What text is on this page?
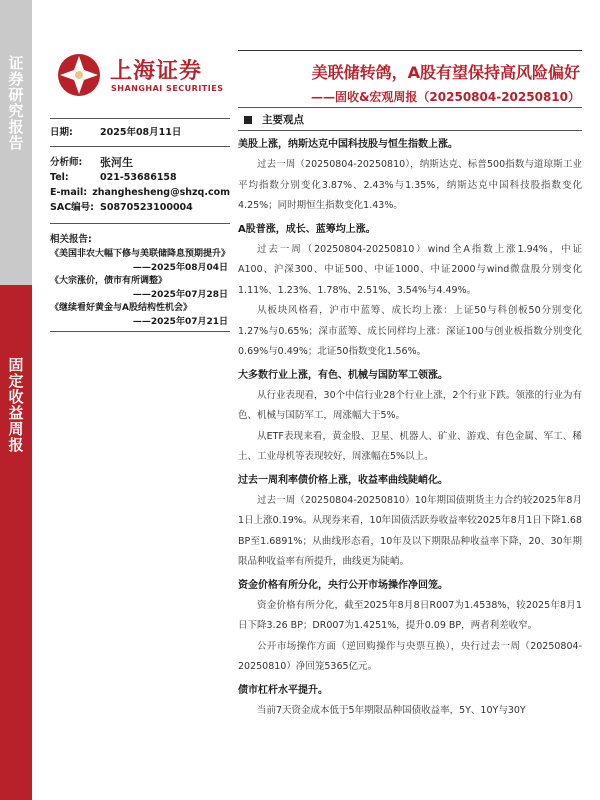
证券研究报告
固定收益周报
上海证券
SHANGHAI SECURITIES
美联储转鸽，A股有望保持高风险偏好
——固收&宏观周报（20250804-20250810）
日期:	2025年08月11日
分析师:	张河生
Tel:	021-53686158
E-mail: zhanghesheng@shzq.com
SAC编号: S0870523100004
相关报告:
《美国非农大幅下修与美联储降息预期提升》
——2025年08月04日
《大宗涨价，债市有所调整》
——2025年07月28日
《继续看好黄金与A股结构性机会》
——2025年07月21日
主要观点
美股上涨，纳斯达克中国科技股与恒生指数上涨。
过去一周（20250804-20250810），纳斯达克、标普500指数与道琼斯工业平均指数分别变化3.87%、2.43%与1.35%，纳斯达克中国科技股指数变化4.25%；同时期恒生指数变化1.43%。
A股普涨，成长、蓝筹均上涨。
过去一周（20250804-20250810）wind全A指数上涨1.94%，中证A100、沪深300、中证500、中证1000、中证2000与wind微盘股分别变化1.11%、1.23%、1.78%、2.51%、3.54%与4.49%。
从板块风格看，沪市中蓝筹、成长均上涨：上证50与科创板50分别变化1.27%与0.65%；深市蓝筹、成长同样均上涨：深证100与创业板指数分别变化0.69%与0.49%；北证50指数变化1.56%。
大多数行业上涨，有色、机械与国防军工领涨。
从行业表现看，30个中信行业28个行业上涨，2个行业下跌。领涨的行业为有色、机械与国防军工，周涨幅大于5%。
从ETF表现来看，黄金股、卫星、机器人、矿业、游戏、有色金属、军工、稀土、工业母机等表现较好，周涨幅在5%以上。
过去一周利率债价格上涨，收益率曲线陡峭化。
过去一周（20250804-20250810）10年期国债期货主力合约较2025年8月1日上涨0.19%。从现券来看，10年国债活跃券收益率较2025年8月1日下降1.68 BP至1.6891%；从曲线形态看，10年及以下期限品种收益率下降，20、30年期限品种收益率有所提升，曲线更为陡峭。
资金价格有所分化，央行公开市场操作净回笼。
资金价格有所分化，截至2025年8月8日R007为1.4538%，较2025年8月1日下降3.26 BP；DR007为1.4251%，提升0.09 BP，两者利差收窄。
公开市场操作方面（逆回购操作与央票互换），央行过去一周（20250804-20250810）净回笼5365亿元。
债市杠杆水平提升。
当前7天资金成本低于5年期限品种国债收益率，5Y、10Y与30Y
